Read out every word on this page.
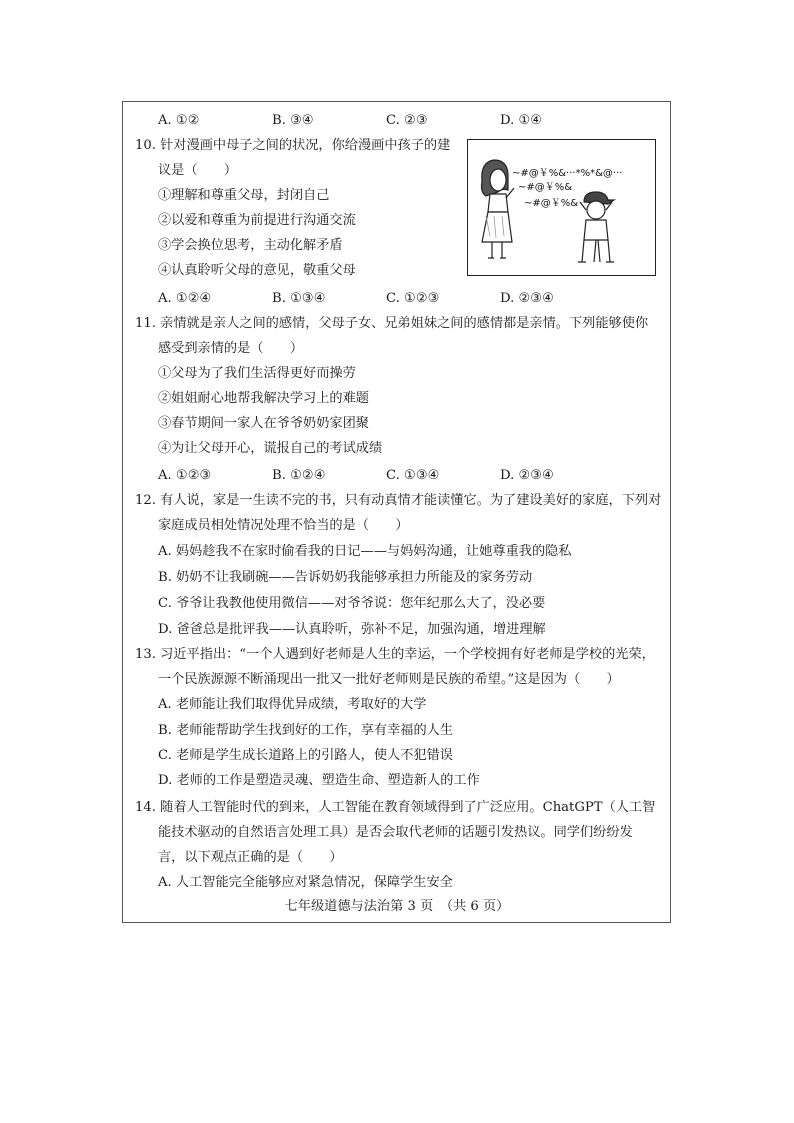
A. ①②	B. ③④	C. ②③	D. ①④
10. 针对漫画中母子之间的状况，你给漫画中孩子的建
议是（　　）
①理解和尊重父母，封闭自己
②以爱和尊重为前提进行沟通交流
③学会换位思考，主动化解矛盾
④认真聆听父母的意见，敬重父母
A. ①②④	B. ①③④	C. ①②③	D. ②③④
~#@￥%&···*%*&@···
~#@￥%&
~#@￥%&
11. 亲情就是亲人之间的感情，父母子女、兄弟姐妹之间的感情都是亲情。下列能够使你
感受到亲情的是（　　）
①父母为了我们生活得更好而操劳
②姐姐耐心地帮我解决学习上的难题
③春节期间一家人在爷爷奶奶家团聚
④为让父母开心，谎报自己的考试成绩
A. ①②③	B. ①②④	C. ①③④	D. ②③④
12. 有人说，家是一生读不完的书，只有动真情才能读懂它。为了建设美好的家庭，下列对
家庭成员相处情况处理不恰当的是（　　）
A. 妈妈趁我不在家时偷看我的日记——与妈妈沟通，让她尊重我的隐私
B. 奶奶不让我刷碗——告诉奶奶我能够承担力所能及的家务劳动
C. 爷爷让我教他使用微信——对爷爷说：您年纪那么大了，没必要
D. 爸爸总是批评我——认真聆听，弥补不足，加强沟通，增进理解
13. 习近平指出：“一个人遇到好老师是人生的幸运，一个学校拥有好老师是学校的光荣，
一个民族源源不断涌现出一批又一批好老师则是民族的希望。”这是因为（　　）
A. 老师能让我们取得优异成绩，考取好的大学
B. 老师能帮助学生找到好的工作，享有幸福的人生
C. 老师是学生成长道路上的引路人，使人不犯错误
D. 老师的工作是塑造灵魂、塑造生命、塑造新人的工作
14. 随着人工智能时代的到来，人工智能在教育领域得到了广泛应用。ChatGPT（人工智
能技术驱动的自然语言处理工具）是否会取代老师的话题引发热议。同学们纷纷发
言，以下观点正确的是（　　）
A. 人工智能完全能够应对紧急情况，保障学生安全
七年级道德与法治第 3 页　（共 6 页）
